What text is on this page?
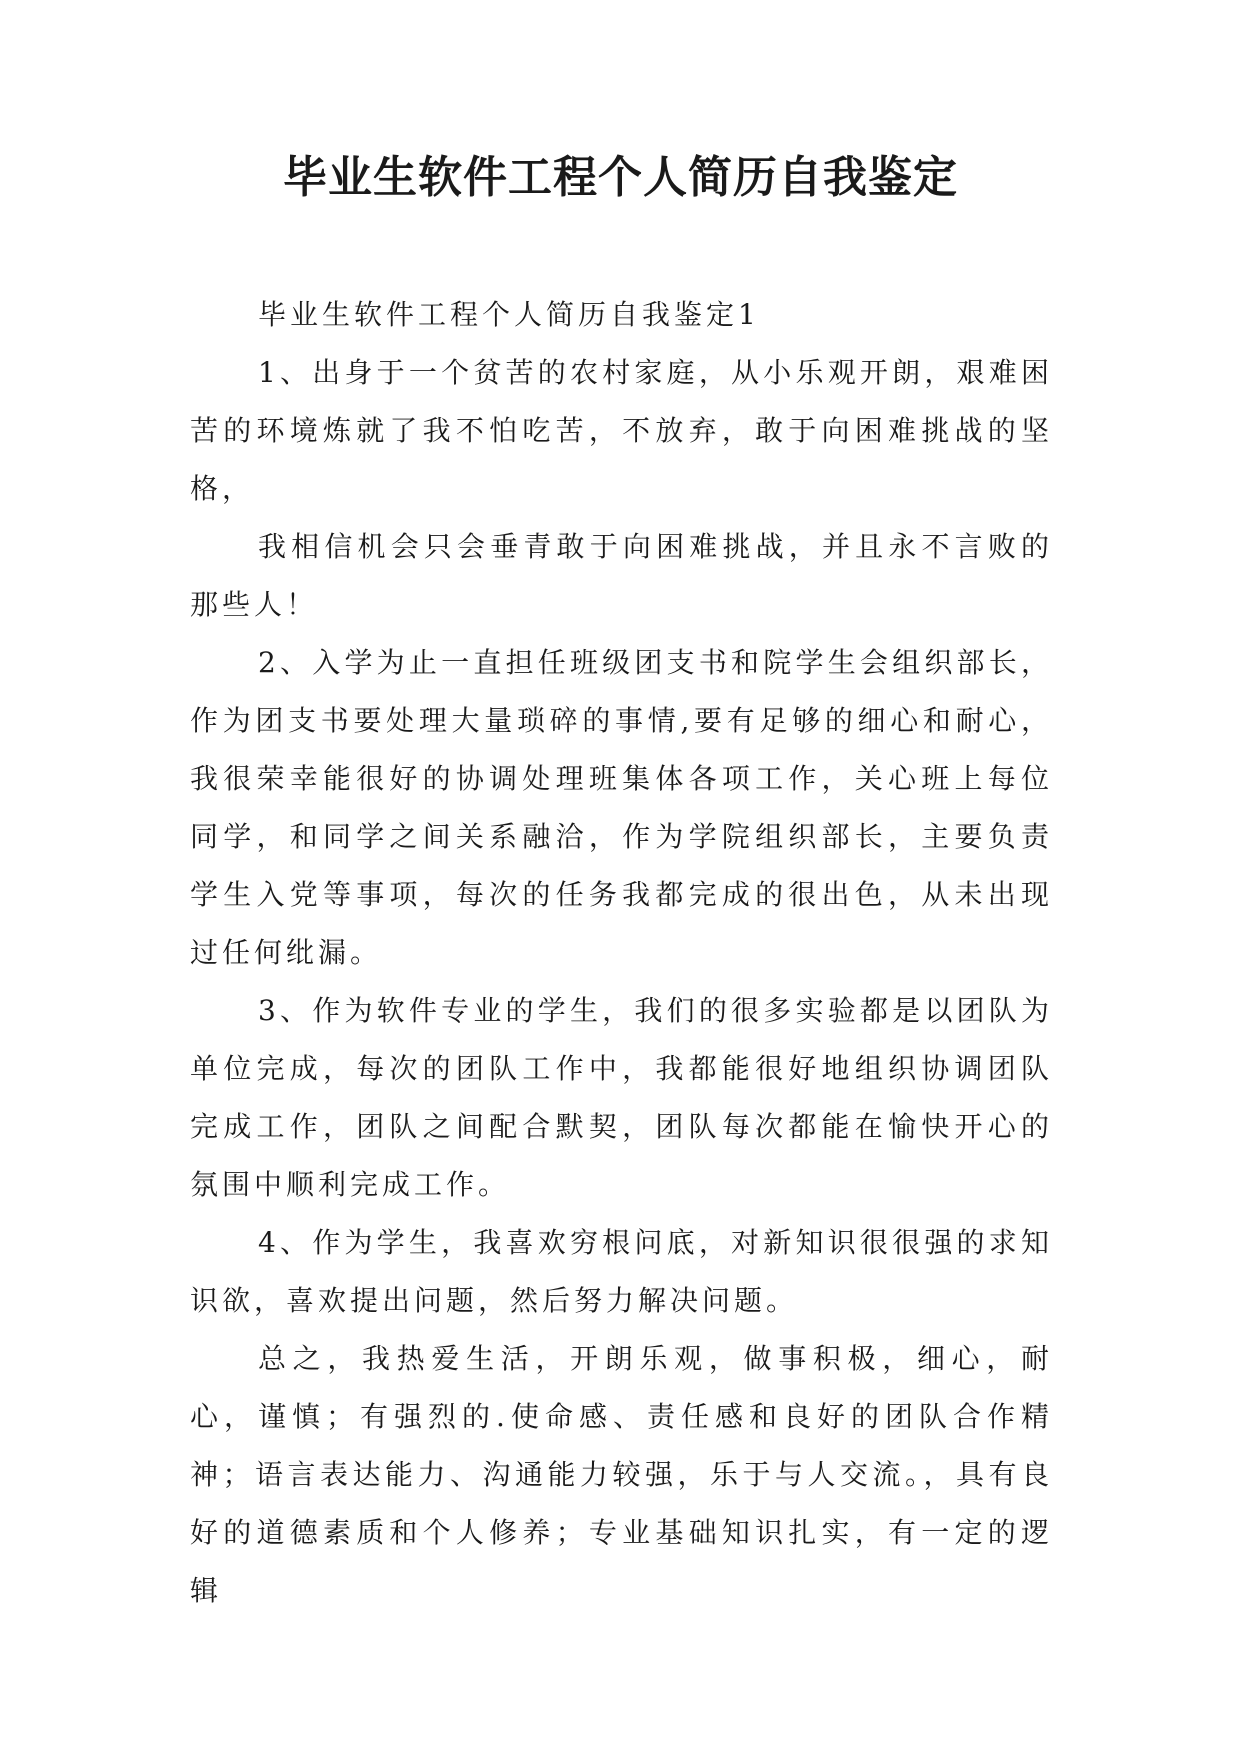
毕业生软件工程个人简历自我鉴定

毕业生软件工程个人简历自我鉴定1

1、出身于一个贫苦的农村家庭，从小乐观开朗，艰难困苦的环境炼就了我不怕吃苦，不放弃，敢于向困难挑战的坚格，

我相信机会只会垂青敢于向困难挑战，并且永不言败的那些人！

2、入学为止一直担任班级团支书和院学生会组织部长，作为团支书要处理大量琐碎的事情,要有足够的细心和耐心，我很荣幸能很好的协调处理班集体各项工作，关心班上每位同学，和同学之间关系融洽，作为学院组织部长，主要负责学生入党等事项，每次的任务我都完成的很出色，从未出现过任何纰漏。

3、作为软件专业的学生，我们的很多实验都是以团队为单位完成，每次的团队工作中，我都能很好地组织协调团队完成工作，团队之间配合默契，团队每次都能在愉快开心的氛围中顺利完成工作。

4、作为学生，我喜欢穷根问底，对新知识很很强的求知识欲，喜欢提出问题，然后努力解决问题。

总之，我热爱生活，开朗乐观，做事积极，细心，耐心，谨慎；有强烈的.使命感、责任感和良好的团队合作精神；语言表达能力、沟通能力较强，乐于与人交流。，具有良好的道德素质和个人修养；专业基础知识扎实，有一定的逻辑
